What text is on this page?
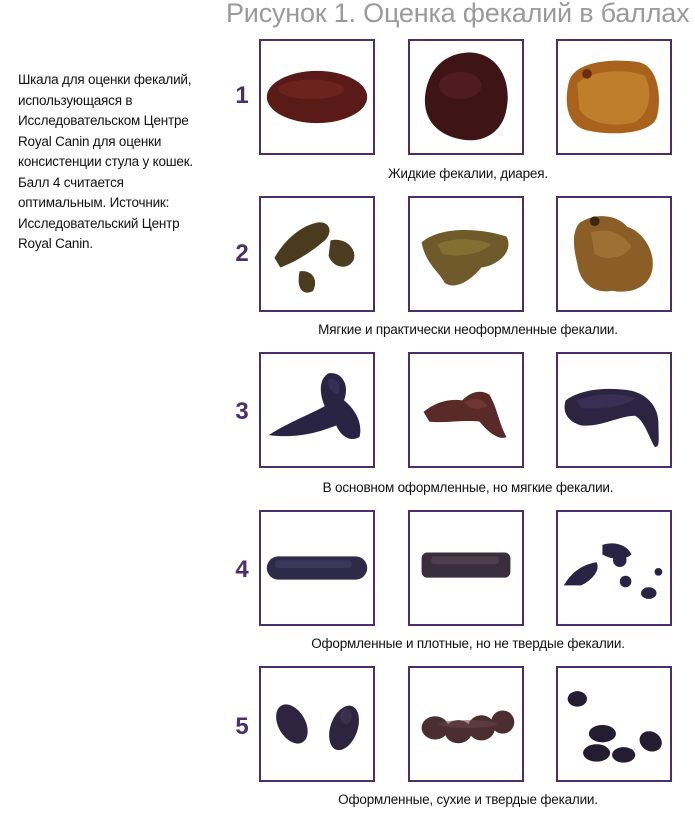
Рисунок 1. Оценка фекалий в баллах
Шкала для оценки фекалий,
использующаяся в
Исследовательском Центре
Royal Canin для оценки
консистенции стула у кошек.
Балл 4 считается
оптимальным. Источник:
Исследовательский Центр
Royal Canin.
1
Жидкие фекалии, диарея.
2
Мягкие и практически неоформленные фекалии.
3
В основном оформленные, но мягкие фекалии.
4
Оформленные и плотные, но не твердые фекалии.
5
Оформленные, сухие и твердые фекалии.
